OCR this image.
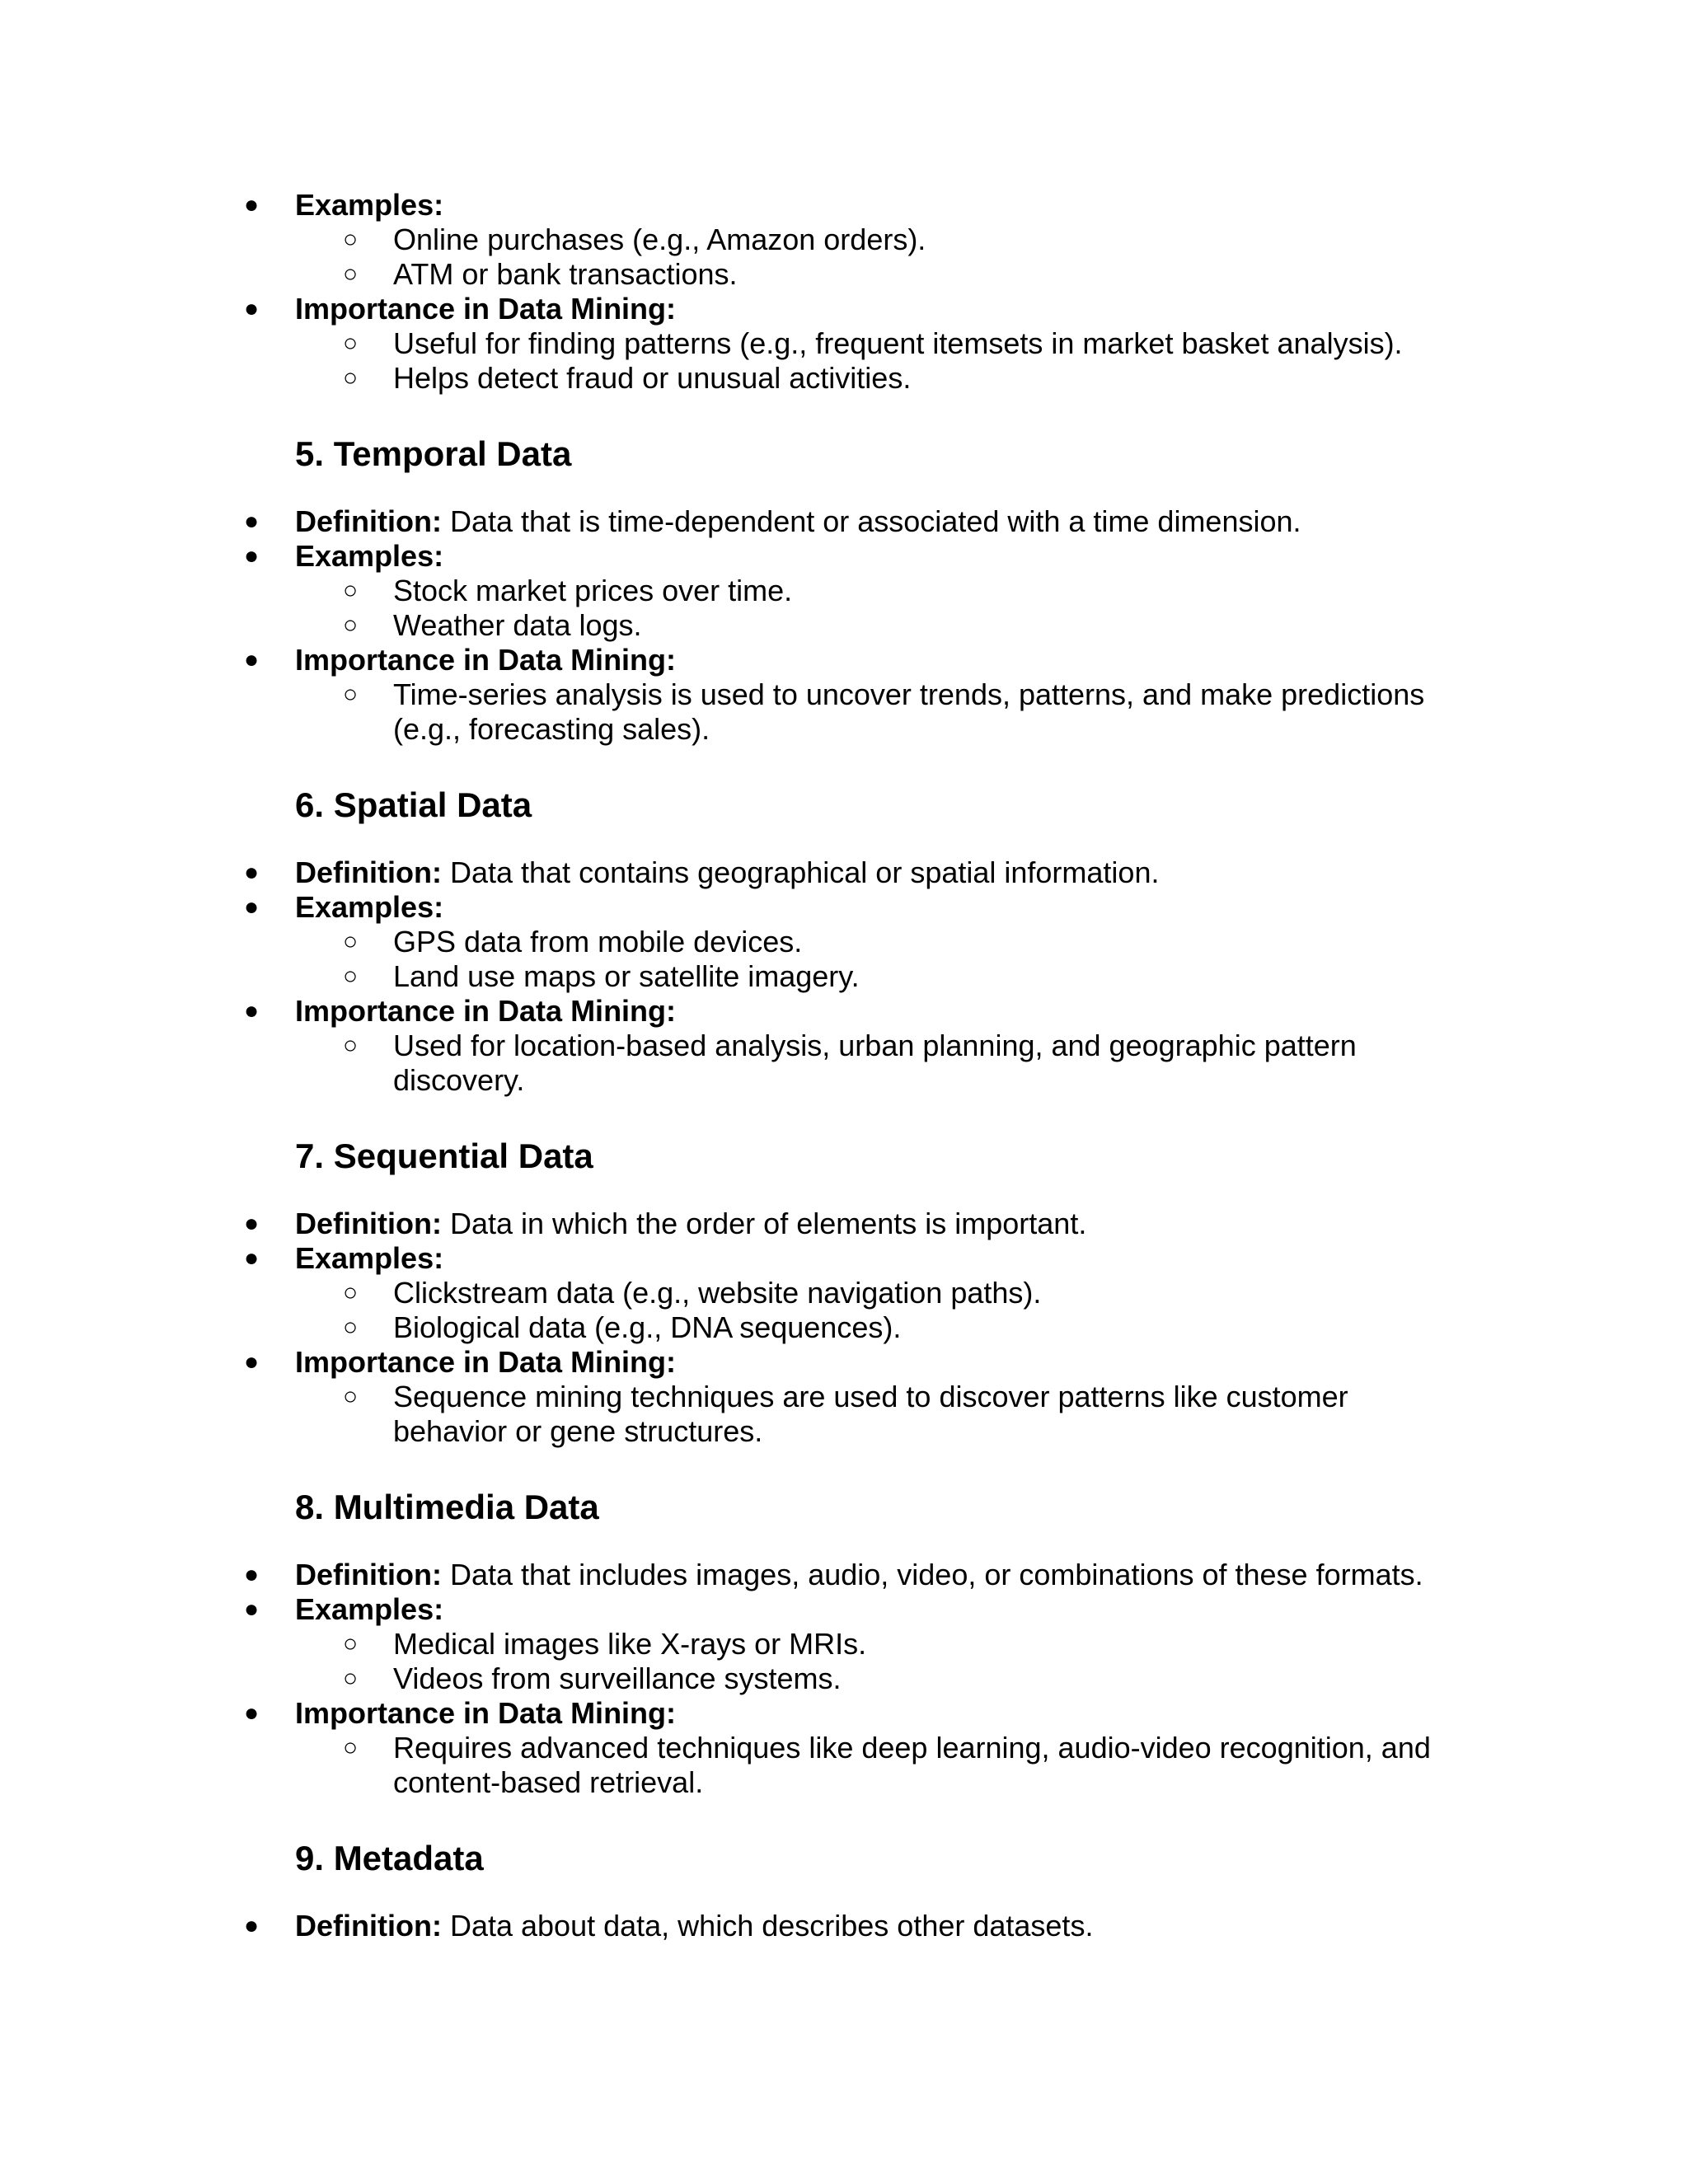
● Examples:
○ Online purchases (e.g., Amazon orders).
○ ATM or bank transactions.
● Importance in Data Mining:
○ Useful for finding patterns (e.g., frequent itemsets in market basket analysis).
○ Helps detect fraud or unusual activities.
5. Temporal Data
● Definition: Data that is time-dependent or associated with a time dimension.
● Examples:
○ Stock market prices over time.
○ Weather data logs.
● Importance in Data Mining:
○ Time-series analysis is used to uncover trends, patterns, and make predictions
(e.g., forecasting sales).
6. Spatial Data
● Definition: Data that contains geographical or spatial information.
● Examples:
○ GPS data from mobile devices.
○ Land use maps or satellite imagery.
● Importance in Data Mining:
○ Used for location-based analysis, urban planning, and geographic pattern
discovery.
7. Sequential Data
● Definition: Data in which the order of elements is important.
● Examples:
○ Clickstream data (e.g., website navigation paths).
○ Biological data (e.g., DNA sequences).
● Importance in Data Mining:
○ Sequence mining techniques are used to discover patterns like customer
behavior or gene structures.
8. Multimedia Data
● Definition: Data that includes images, audio, video, or combinations of these formats.
● Examples:
○ Medical images like X-rays or MRIs.
○ Videos from surveillance systems.
● Importance in Data Mining:
○ Requires advanced techniques like deep learning, audio-video recognition, and
content-based retrieval.
9. Metadata
● Definition: Data about data, which describes other datasets.
